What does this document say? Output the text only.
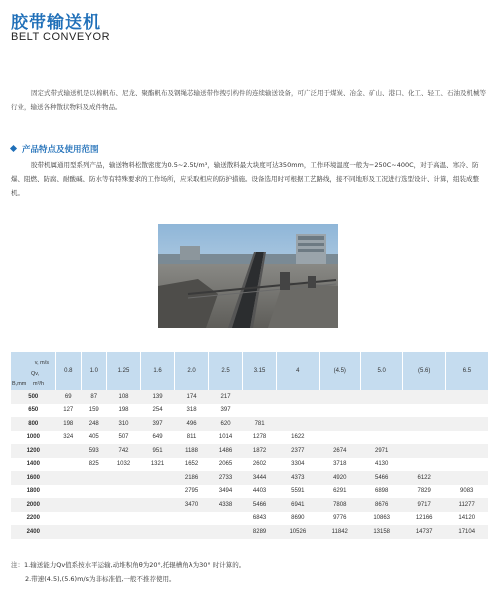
胶带输送机
BELT CONVEYOR
固定式带式输送机是以棉帆布、尼龙、聚酯帆布及钢绳芯输送带作拽引构件的连续输送设备，可广泛用于煤炭、冶金、矿山、港口、化工、轻工、石油及机械等行业，输送各种散状物料及成件物品。
产品特点及使用范围
胶带机属通用型系列产品，输送物料松散密度为0.5~2.5t/m³，输送散料最大块度可达350mm，工作环境温度一般为−250C~400C，对于高温、寒冷、防爆、阻燃、防腐、耐酸碱、防水等有特殊要求的工作场所，应采取相应的防护措施。设备选用时可根据工艺路线，接不同地形及工况进行选型设计、计算，组装成整机。
v, m/s
Qv,
B,mm m³/h	0.8	1.0	1.25	1.6	2.0	2.5	3.15	4	(4.5)	5.0	(5.6)	6.5
500	69	87	108	139	174	217						
650	127	159	198	254	318	397						
800	198	248	310	397	496	620	781					
1000	324	405	507	649	811	1014	1278	1622				
1200		593	742	951	1188	1486	1872	2377	2674	2971		
1400		825	1032	1321	1652	2065	2602	3304	3718	4130		
1600					2186	2733	3444	4373	4920	5466	6122	
1800					2795	3494	4403	5591	6291	6898	7829	9083
2000					3470	4338	5466	6941	7808	8676	9717	11277
2200							6843	8690	9776	10863	12166	14120
2400							8289	10526	11842	13158	14737	17104
注：1.输送能力Qv值系按水平运输,动堆积角θ为20°,托辊槽角λ为30° 时计算的。
2.带速(4.5),(5.6)m/s为非标准值,一般不推荐使用。
